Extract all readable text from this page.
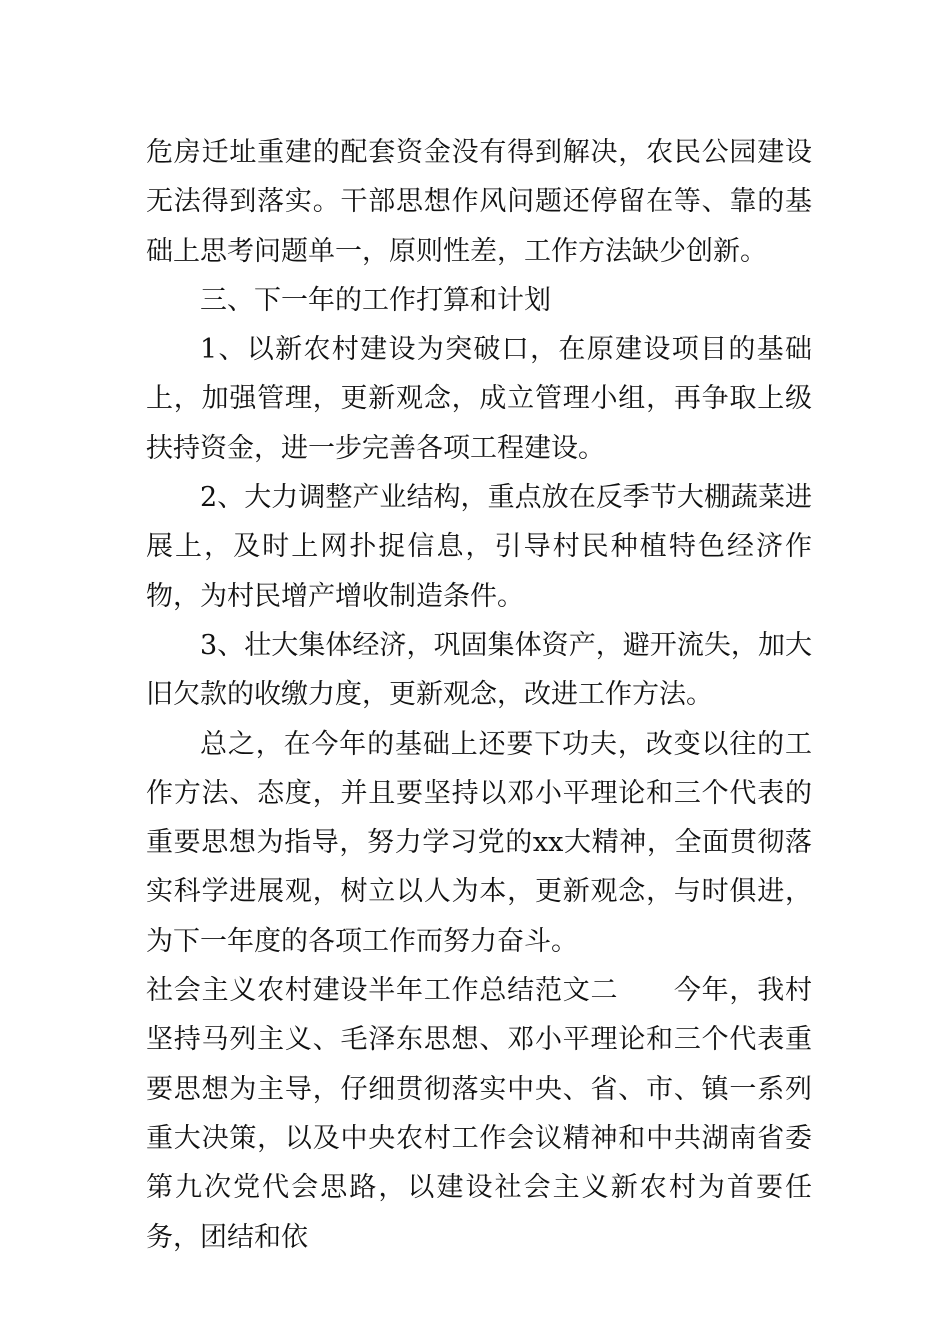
危房迁址重建的配套资金没有得到解决，农民公园建设无法得到落实。干部思想作风问题还停留在等、靠的基础上思考问题单一，原则性差，工作方法缺少创新。

三、下一年的工作打算和计划

1、以新农村建设为突破口，在原建设项目的基础上，加强管理，更新观念，成立管理小组，再争取上级扶持资金，进一步完善各项工程建设。

2、大力调整产业结构，重点放在反季节大棚蔬菜进展上，及时上网扑捉信息，引导村民种植特色经济作物，为村民增产增收制造条件。

3、壮大集体经济，巩固集体资产，避开流失，加大旧欠款的收缴力度，更新观念，改进工作方法。

总之，在今年的基础上还要下功夫，改变以往的工作方法、态度，并且要坚持以邓小平理论和三个代表的重要思想为指导，努力学习党的xx大精神，全面贯彻落实科学进展观，树立以人为本，更新观念，与时俱进，为下一年度的各项工作而努力奋斗。

社会主义农村建设半年工作总结范文二　　今年，我村坚持马列主义、毛泽东思想、邓小平理论和三个代表重要思想为主导，仔细贯彻落实中央、省、市、镇一系列重大决策，以及中央农村工作会议精神和中共湖南省委第九次党代会思路，以建设社会主义新农村为首要任务，团结和依
